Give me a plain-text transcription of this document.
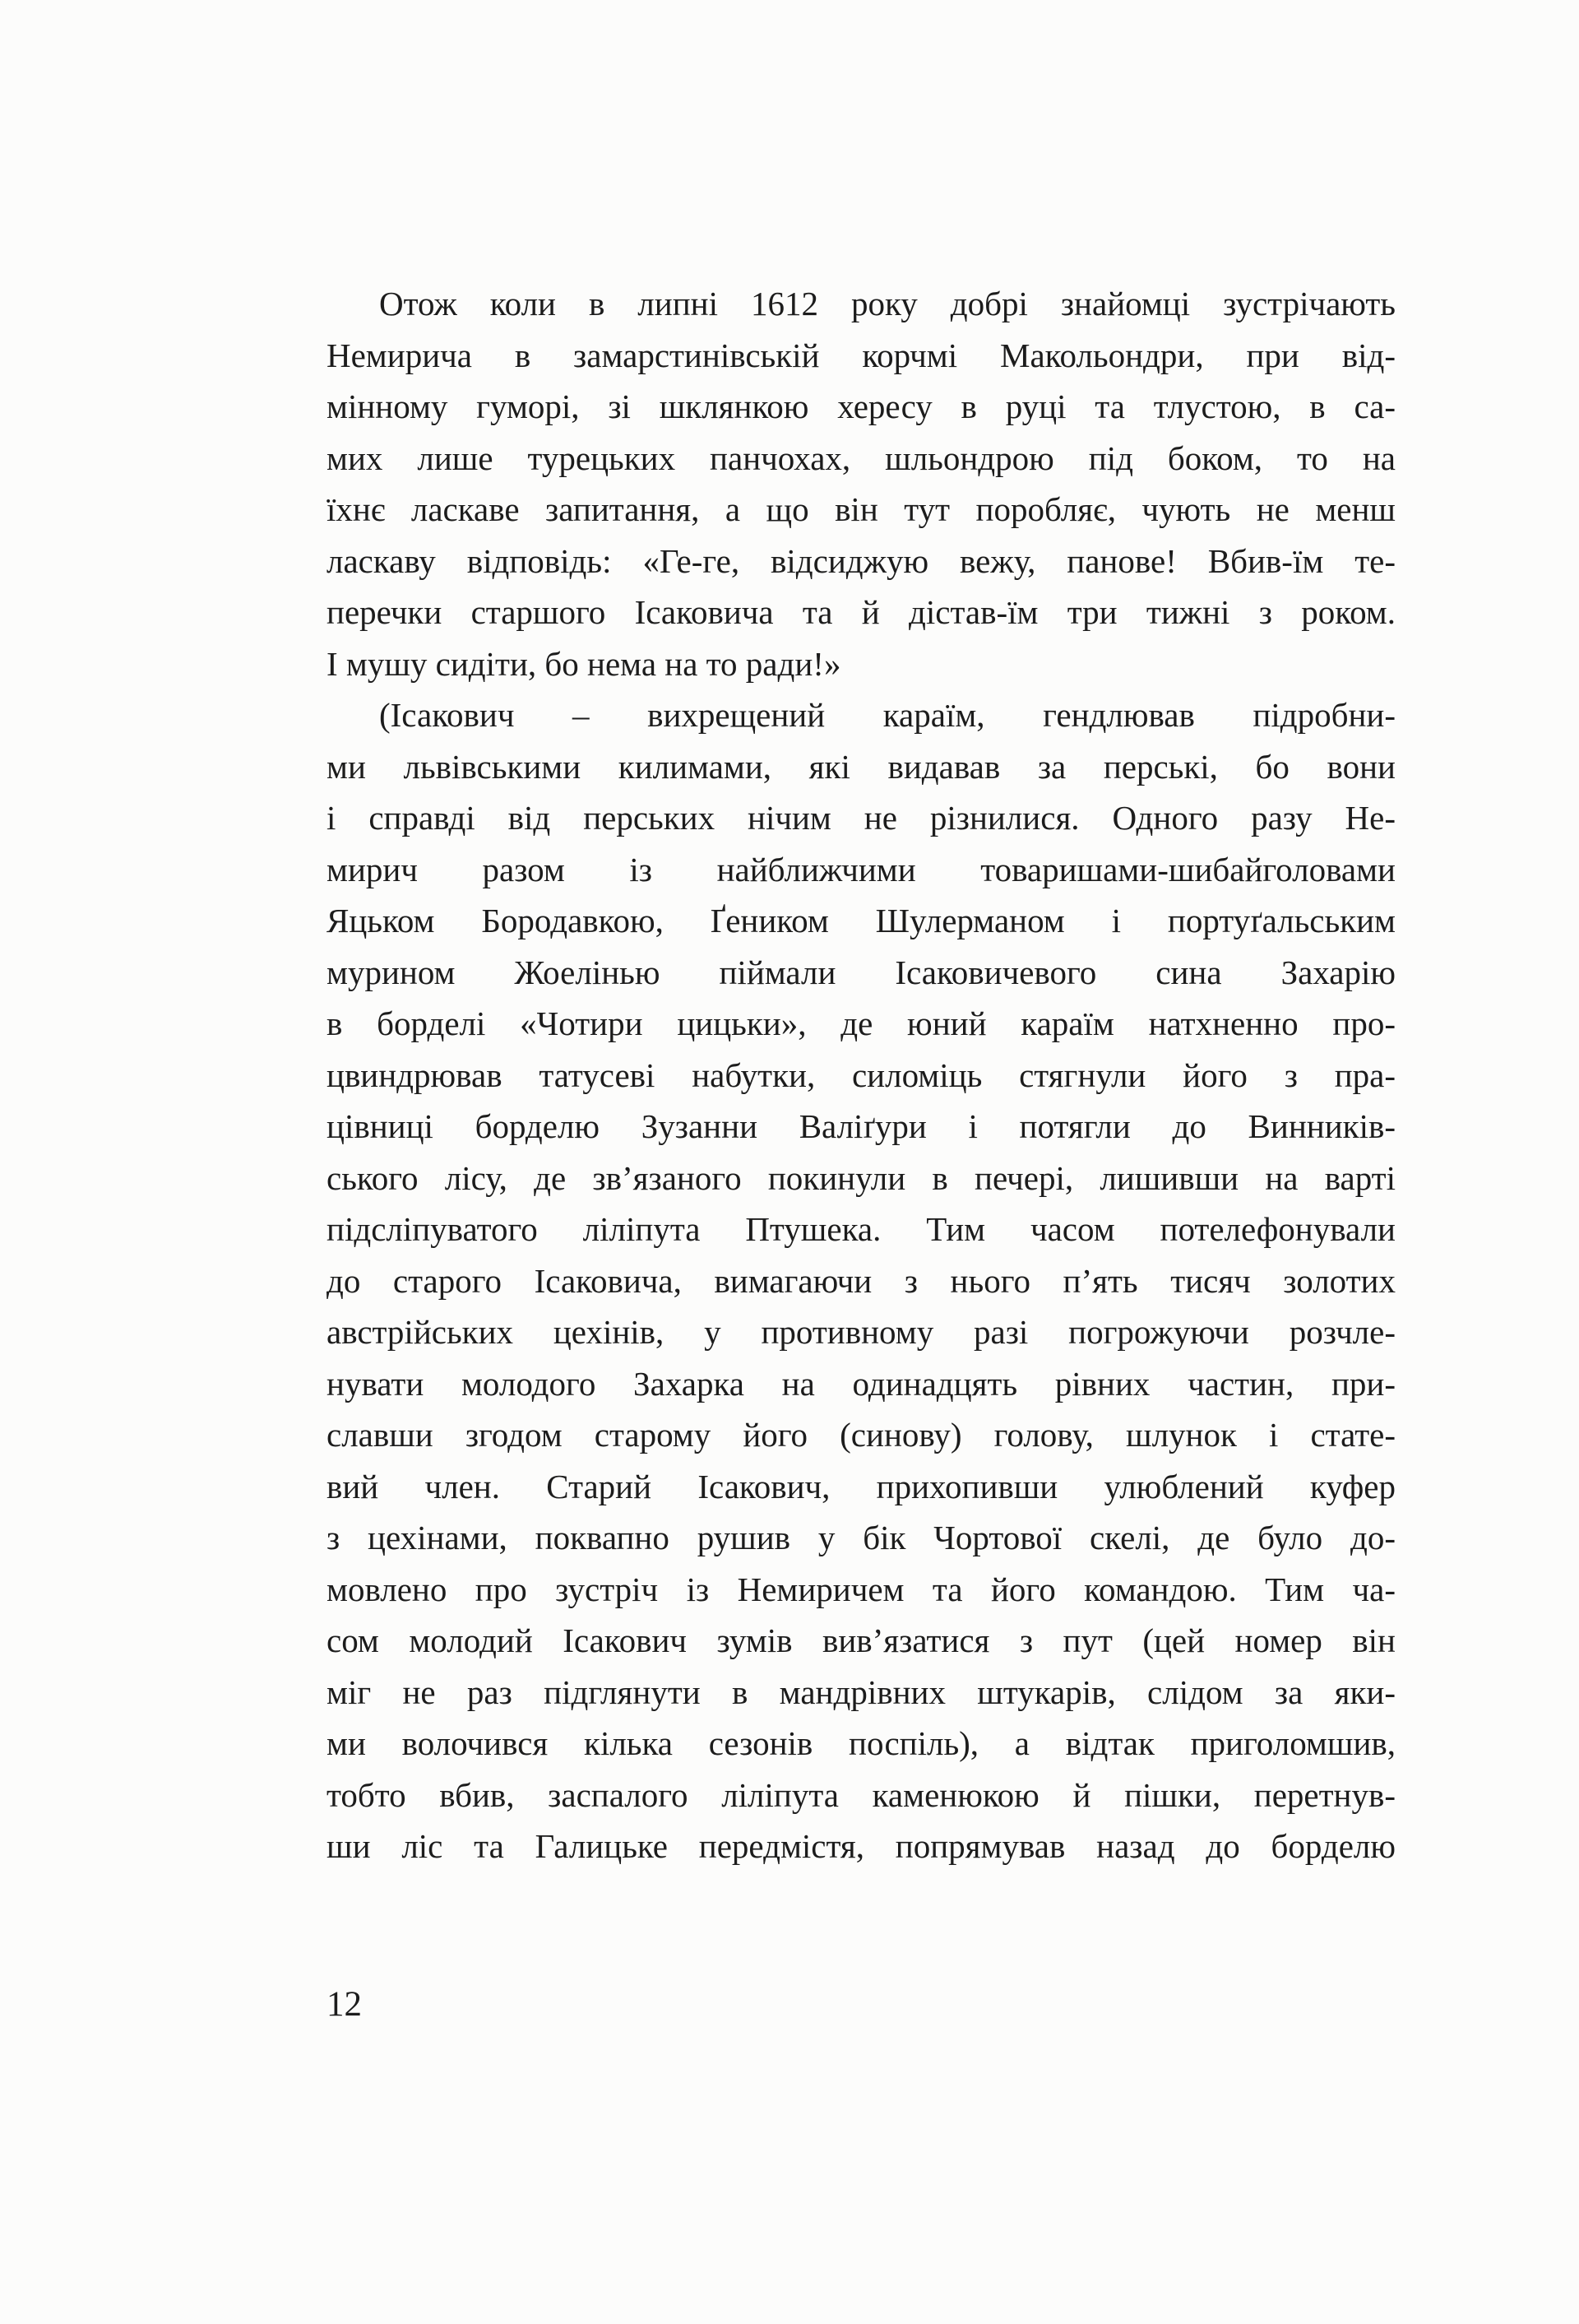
Отож коли в липні 1612 року добрі знайомці зустрічають
Немирича в замарстинівській корчмі Макольондри, при від-
мінному гуморі, зі шклянкою хересу в руці та тлустою, в са-
мих лише турецьких панчохах, шльондрою під боком, то на
їхнє ласкаве запитання, а що він тут поробляє, чують не менш
ласкаву відповідь: «Ге-ге, відсиджую вежу, панове! Вбив-їм те-
перечки старшого Ісаковича та й дістав-їм три тижні з роком.
І мушу сидіти, бо нема на то ради!»
(Ісакович – вихрещений караїм, гендлював підробни-
ми львівськими килимами, які видавав за перські, бо вони
і справді від перських нічим не різнилися. Одного разу Не-
мирич разом із найближчими товаришами-шибайголовами
Яцьком Бородавкою, Ґеником Шулерманом і портуґальським
мурином Жоелінью піймали Ісаковичевого сина Захарію
в борделі «Чотири цицьки», де юний караїм натхненно про-
цвиндрював татусеві набутки, силоміць стягнули його з пра-
цівниці борделю Зузанни Валіґури і потягли до Винників-
ського лісу, де зв’язаного покинули в печері, лишивши на варті
підсліпуватого ліліпута Птушека. Тим часом потелефонували
до старого Ісаковича, вимагаючи з нього п’ять тисяч золотих
австрійських цехінів, у противному разі погрожуючи розчле-
нувати молодого Захарка на одинадцять рівних частин, при-
славши згодом старому його (синову) голову, шлунок і стате-
вий член. Старий Ісакович, прихопивши улюблений куфер
з цехінами, поквапно рушив у бік Чортової скелі, де було до-
мовлено про зустріч із Немиричем та його командою. Тим ча-
сом молодий Ісакович зумів вив’язатися з пут (цей номер він
міг не раз підглянути в мандрівних штукарів, слідом за яки-
ми волочився кілька сезонів поспіль), а відтак приголомшив,
тобто вбив, заспалого ліліпута каменюкою й пішки, перетнув-
ши ліс та Галицьке передмістя, попрямував назад до борделю
12
